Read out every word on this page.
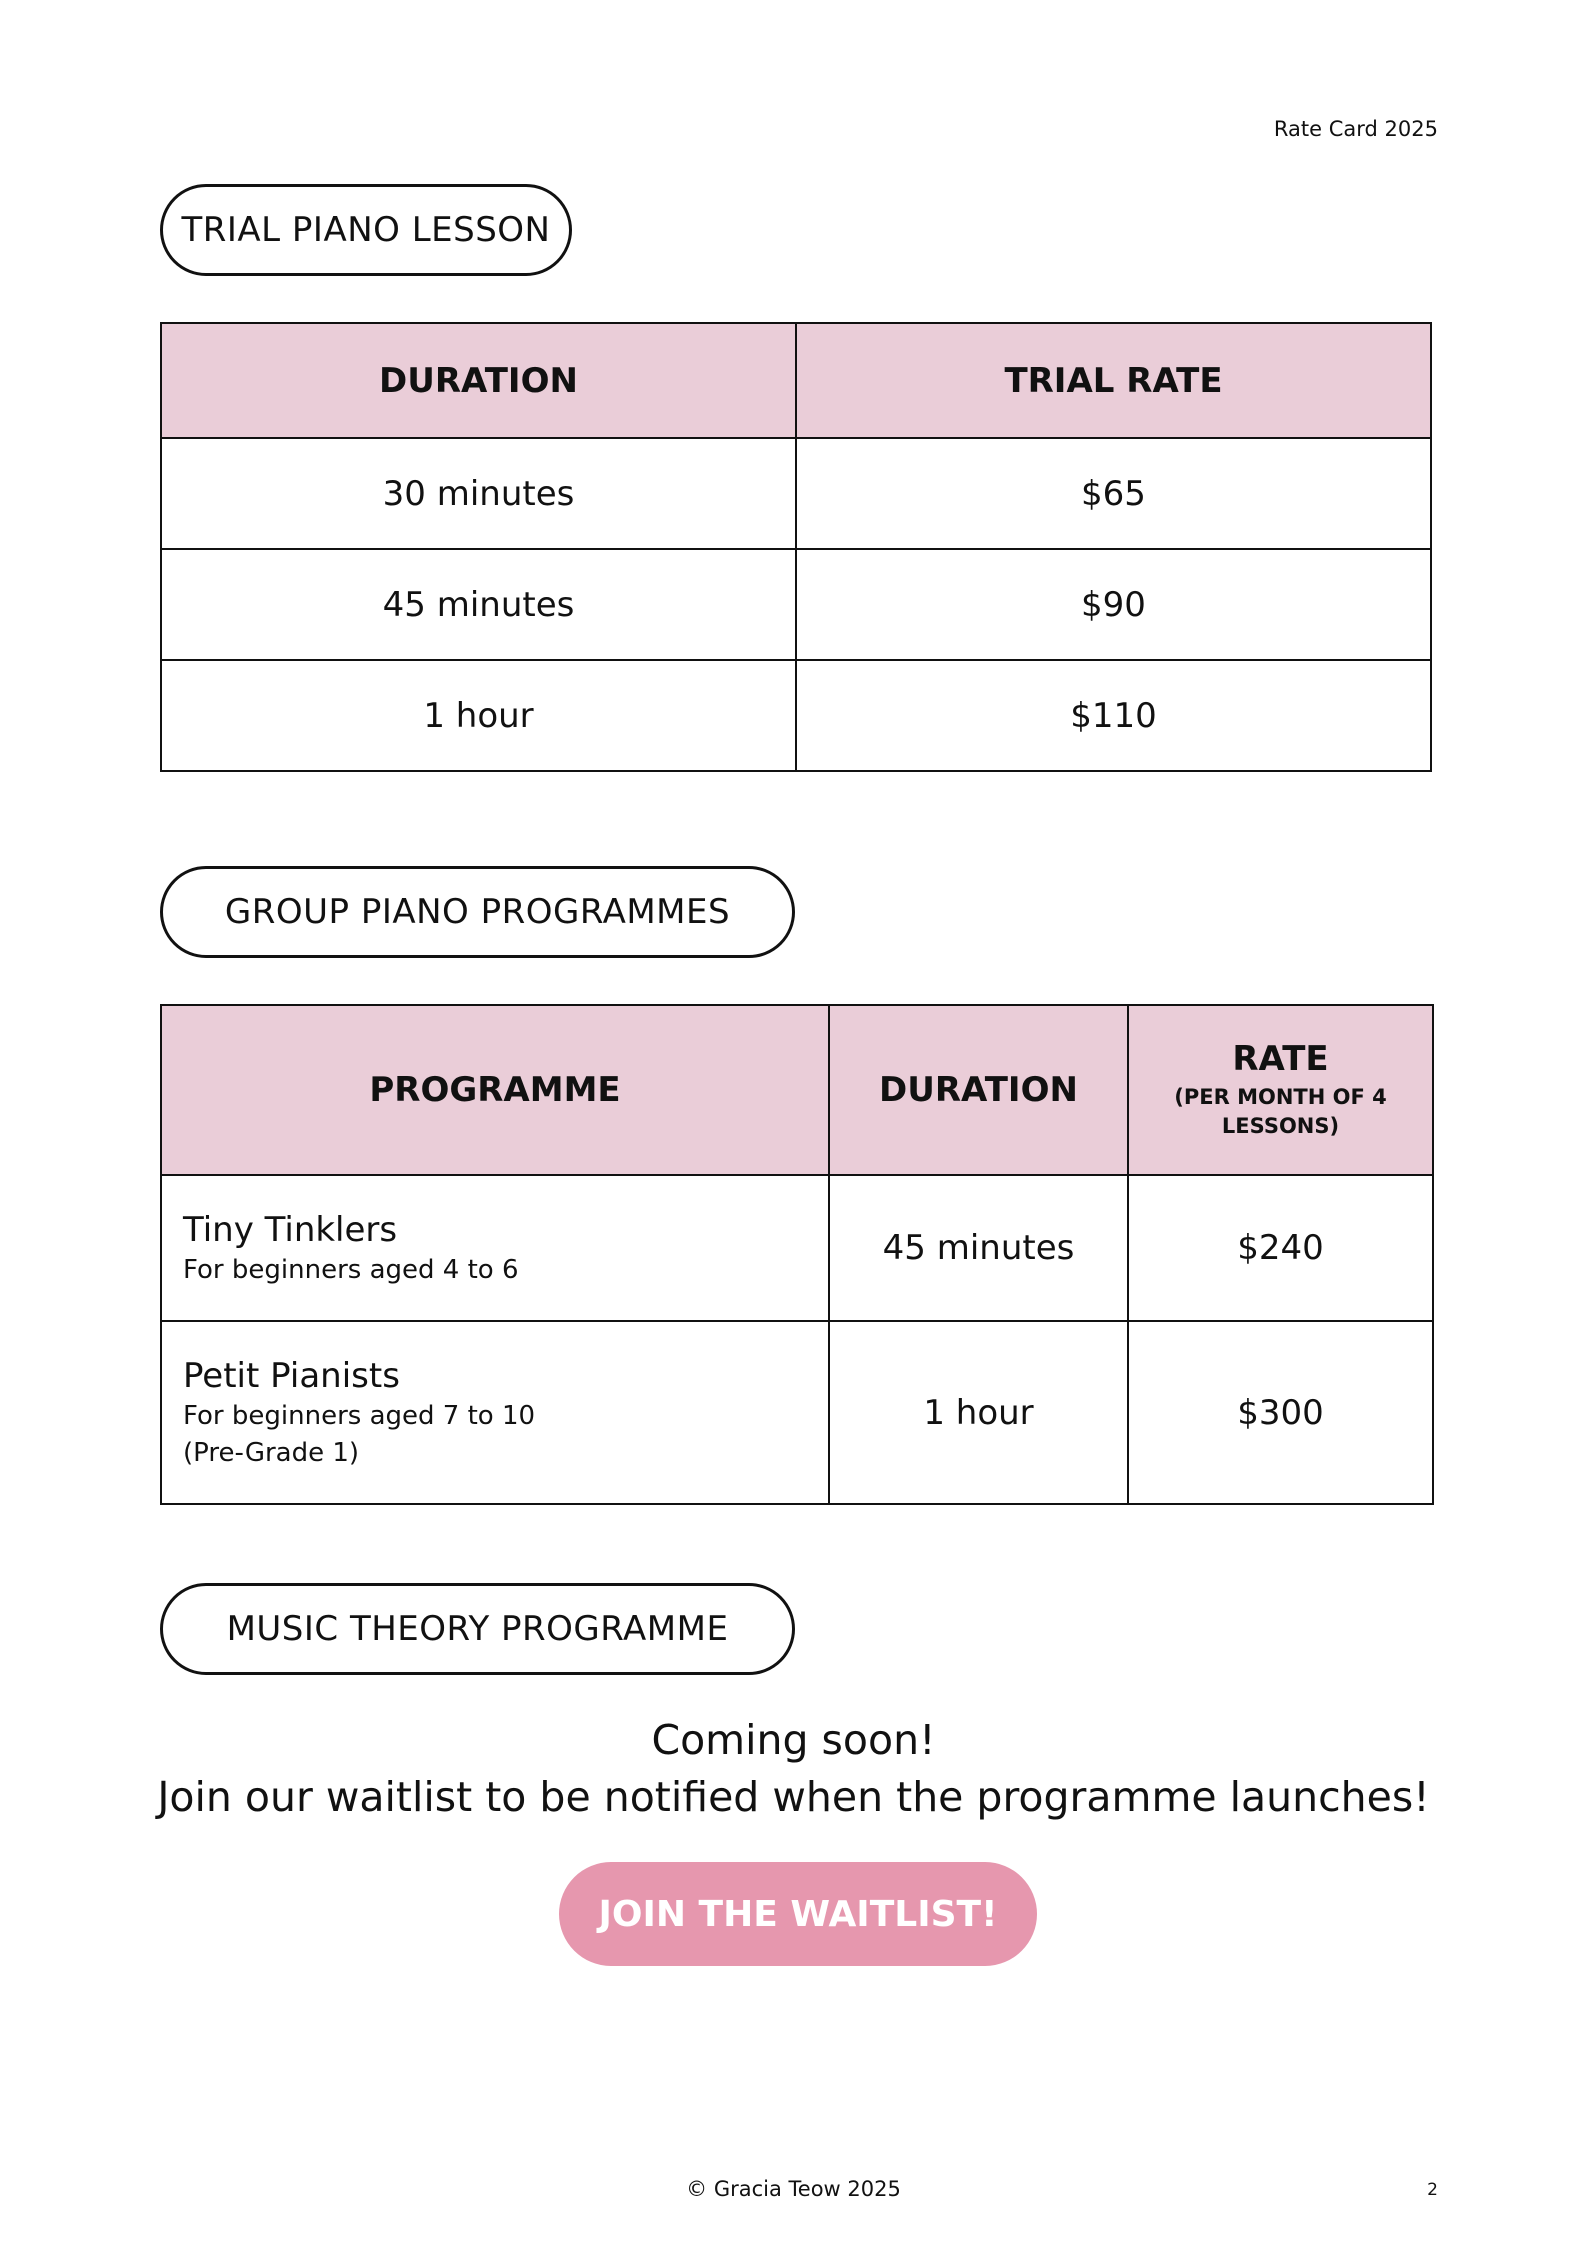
Rate Card 2025
TRIAL PIANO LESSON
DURATION	TRIAL RATE
30 minutes	$65
45 minutes	$90
1 hour	$110
GROUP PIANO PROGRAMMES
PROGRAMME	DURATION	RATE
(PER MONTH OF 4 LESSONS)

Tiny Tinklers
For beginners aged 4 to 6	45 minutes	$240

Petit Pianists
For beginners aged 7 to 10
(Pre-Grade 1)	1 hour	$300
MUSIC THEORY PROGRAMME
Coming soon!
Join our waitlist to be notified when the programme launches!
JOIN THE WAITLIST!
© Gracia Teow 2025	2
